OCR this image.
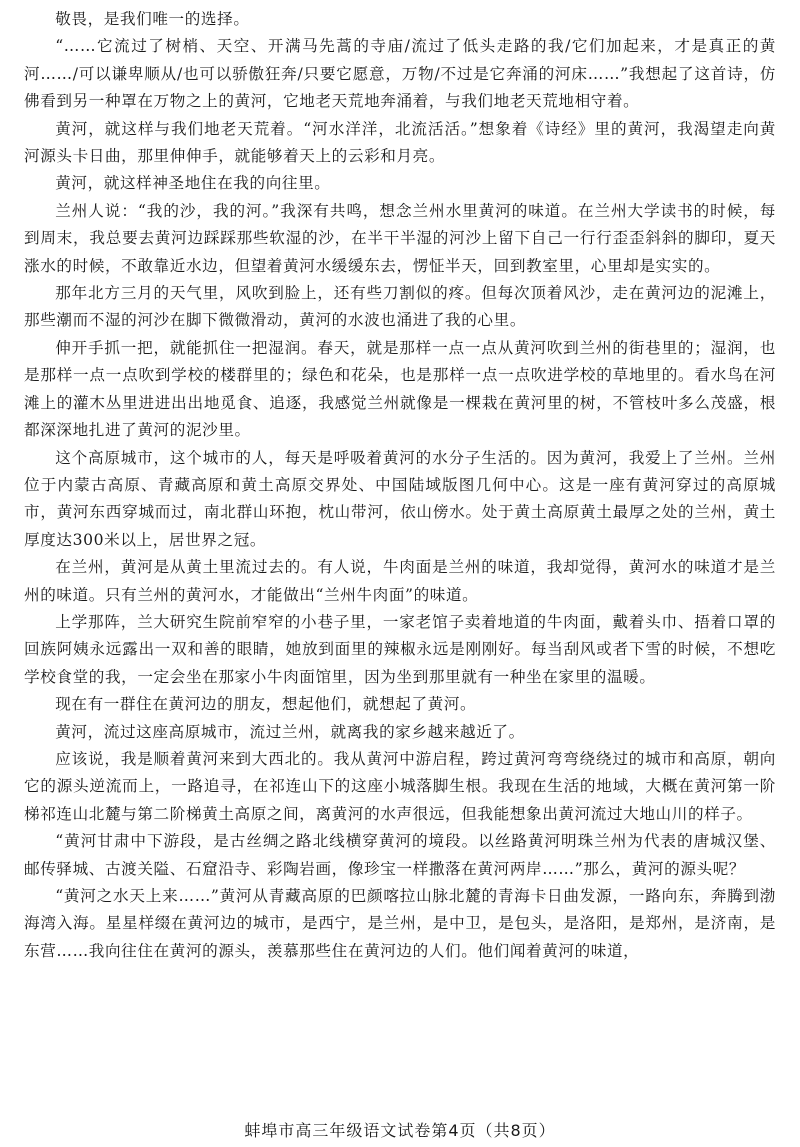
敬畏，是我们唯一的选择。

“……它流过了树梢、天空、开满马先蒿的寺庙/流过了低头走路的我/它们加起来，才是真正的黄河……/可以谦卑顺从/也可以骄傲狂奔/只要它愿意，万物/不过是它奔涌的河床……”我想起了这首诗，仿佛看到另一种罩在万物之上的黄河，它地老天荒地奔涌着，与我们地老天荒地相守着。

黄河，就这样与我们地老天荒着。“河水洋洋，北流活活。”想象着《诗经》里的黄河，我渴望走向黄河源头卡日曲，那里伸伸手，就能够着天上的云彩和月亮。

黄河，就这样神圣地住在我的向往里。

兰州人说：“我的沙，我的河。”我深有共鸣，想念兰州水里黄河的味道。在兰州大学读书的时候，每到周末，我总要去黄河边踩踩那些软湿的沙，在半干半湿的河沙上留下自己一行行歪歪斜斜的脚印，夏天涨水的时候，不敢靠近水边，但望着黄河水缓缓东去，愣怔半天，回到教室里，心里却是实实的。

那年北方三月的天气里，风吹到脸上，还有些刀割似的疼。但每次顶着风沙，走在黄河边的泥滩上，那些潮而不湿的河沙在脚下微微滑动，黄河的水波也涌进了我的心里。

伸开手抓一把，就能抓住一把湿润。春天，就是那样一点一点从黄河吹到兰州的街巷里的；湿润，也是那样一点一点吹到学校的楼群里的；绿色和花朵，也是那样一点一点吹进学校的草地里的。看水鸟在河滩上的灌木丛里进进出出地觅食、追逐，我感觉兰州就像是一棵栽在黄河里的树，不管枝叶多么茂盛，根都深深地扎进了黄河的泥沙里。

这个高原城市，这个城市的人，每天是呼吸着黄河的水分子生活的。因为黄河，我爱上了兰州。兰州位于内蒙古高原、青藏高原和黄土高原交界处、中国陆域版图几何中心。这是一座有黄河穿过的高原城市，黄河东西穿城而过，南北群山环抱，枕山带河，依山傍水。处于黄土高原黄土最厚之处的兰州，黄土厚度达300米以上，居世界之冠。

在兰州，黄河是从黄土里流过去的。有人说，牛肉面是兰州的味道，我却觉得，黄河水的味道才是兰州的味道。只有兰州的黄河水，才能做出“兰州牛肉面”的味道。

上学那阵，兰大研究生院前窄窄的小巷子里，一家老馆子卖着地道的牛肉面，戴着头巾、捂着口罩的回族阿姨永远露出一双和善的眼睛，她放到面里的辣椒永远是刚刚好。每当刮风或者下雪的时候，不想吃学校食堂的我，一定会坐在那家小牛肉面馆里，因为坐到那里就有一种坐在家里的温暖。

现在有一群住在黄河边的朋友，想起他们，就想起了黄河。

黄河，流过这座高原城市，流过兰州，就离我的家乡越来越近了。

应该说，我是顺着黄河来到大西北的。我从黄河中游启程，跨过黄河弯弯绕绕过的城市和高原，朝向它的源头逆流而上，一路追寻，在祁连山下的这座小城落脚生根。我现在生活的地域，大概在黄河第一阶梯祁连山北麓与第二阶梯黄土高原之间，离黄河的水声很远，但我能想象出黄河流过大地山川的样子。

“黄河甘肃中下游段，是古丝绸之路北线横穿黄河的境段。以丝路黄河明珠兰州为代表的唐城汉堡、邮传驿城、古渡关隘、石窟沿寺、彩陶岩画，像珍宝一样撒落在黄河两岸……”那么，黄河的源头呢？

“黄河之水天上来……”黄河从青藏高原的巴颜喀拉山脉北麓的青海卡日曲发源，一路向东，奔腾到渤海湾入海。星星样缀在黄河边的城市，是西宁，是兰州，是中卫，是包头，是洛阳，是郑州，是济南，是东营……我向往住在黄河的源头，羡慕那些住在黄河边的人们。他们闻着黄河的味道，

蚌埠市高三年级语文试卷第4页（共8页）
